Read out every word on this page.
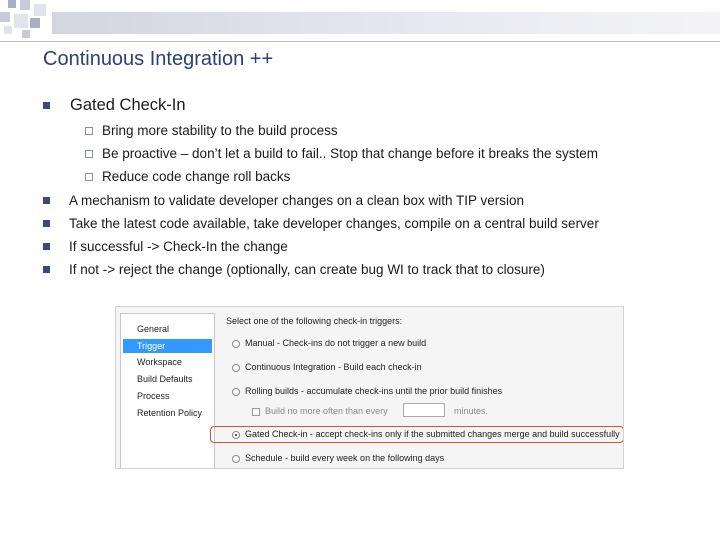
Continuous Integration ++
Gated Check-In
Bring more stability to the build process
Be proactive – don’t let a build to fail.. Stop that change before it breaks the system
Reduce code change roll backs
A mechanism to validate developer changes on a clean box with TIP version
Take the latest code available, take developer changes, compile on a central build server
If successful -> Check-In the change
If not -> reject the change (optionally, can create bug WI to track that to closure)
General
Trigger
Workspace
Build Defaults
Process
Retention Policy
Select one of the following check-in triggers:
Manual - Check-ins do not trigger a new build
Continuous Integration - Build each check-in
Rolling builds - accumulate check-ins until the prior build finishes
Build no more often than every	minutes.
Gated Check-in - accept check-ins only if the submitted changes merge and build successfully
Schedule - build every week on the following days
